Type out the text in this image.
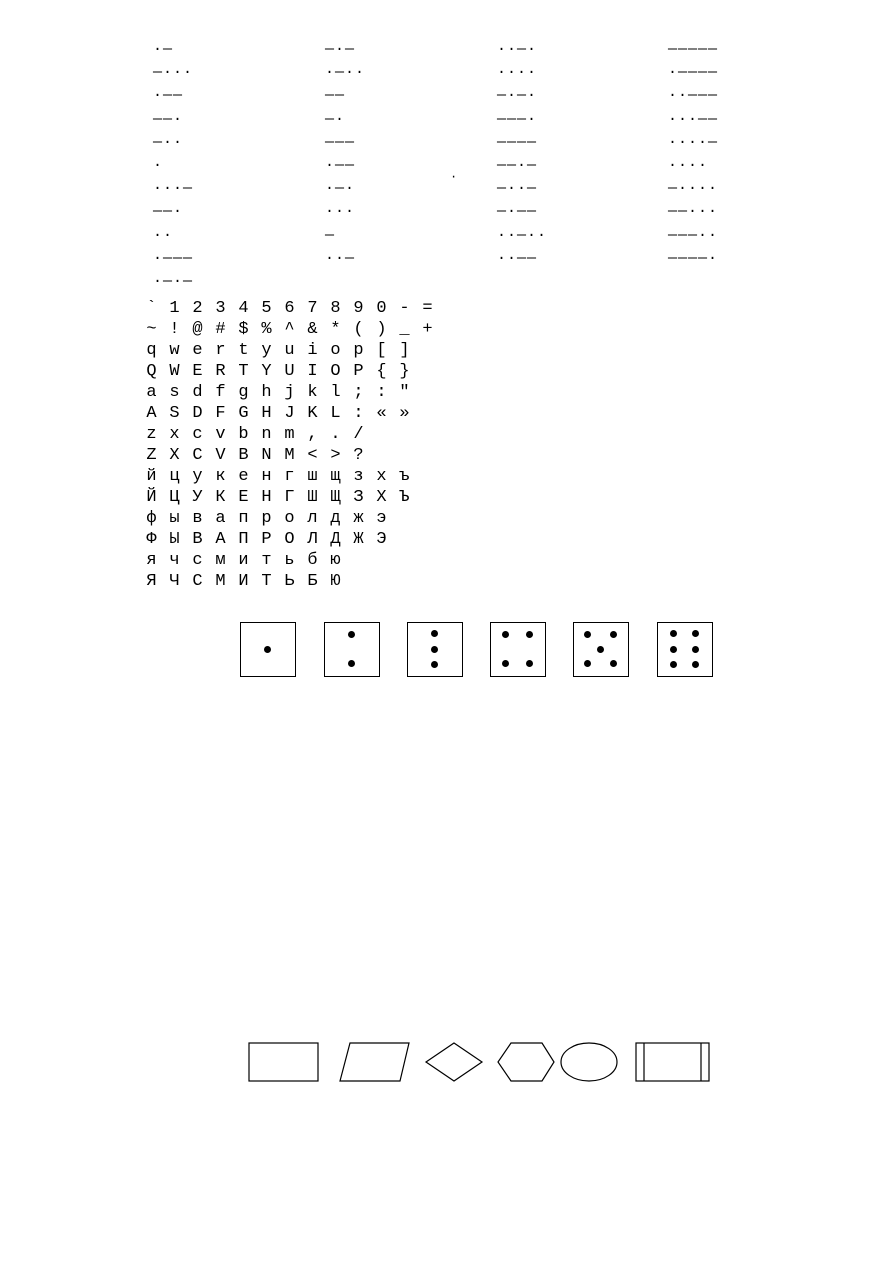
·—
—···
·——
——·
—··
·
···—
——·
··
·———
·—·—
—·—
·—··
——
—·
———
·——
·—·
···
—
··—
··—·
····
—·—·
———·
————
——·—
—··—
—·——
··—··
··——
—————
·————
··———
···——
····—
····
—····
——···
———··
————·
·
` 1 2 3 4 5 6 7 8 9 0 - =
~ ! @ # $ % ^ & * ( ) _ +
q w e r t y u i o p [ ]
Q W E R T Y U I O P { }
a s d f g h j k l ; : "
A S D F G H J K L : « »
z x c v b n m , . /
Z X C V B N M < > ?
й ц у к е н г ш щ з х ъ
Й Ц У К Е Н Г Ш Щ З Х Ъ
ф ы в а п р о л д ж э
Ф Ы В А П Р О Л Д Ж Э
я ч с м и т ь б ю
Я Ч С М И Т Ь Б Ю
